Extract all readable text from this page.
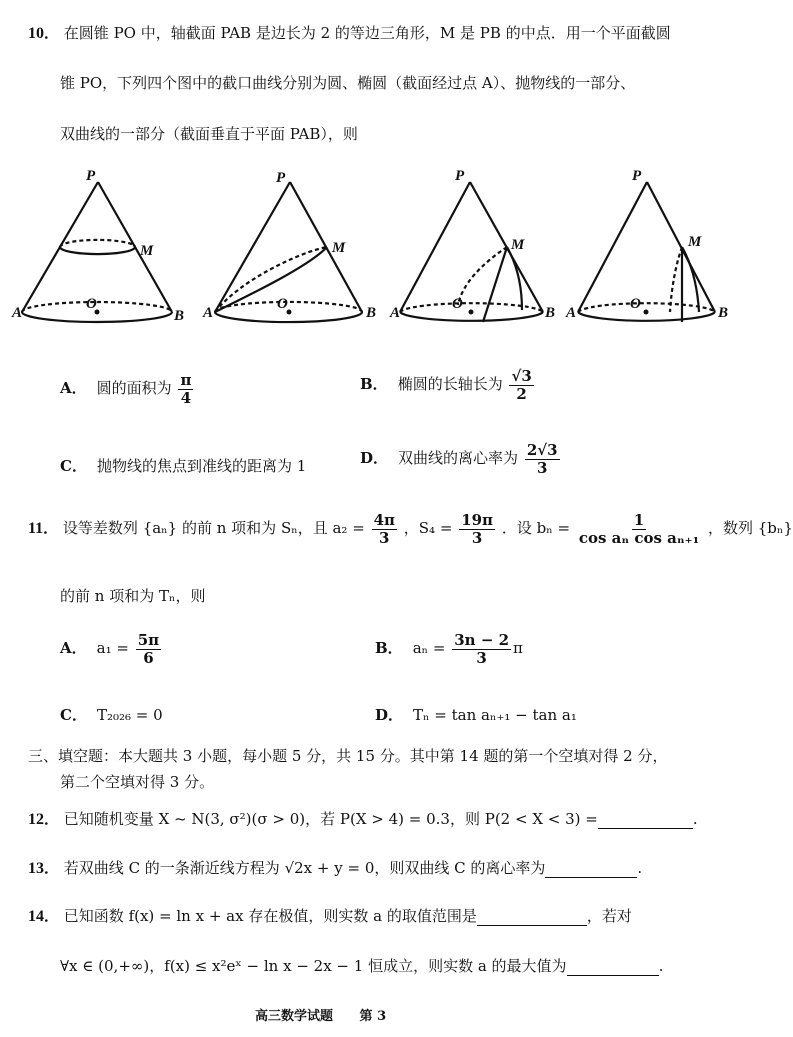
10． 在圆锥 PO 中，轴截面 PAB 是边长为 2 的等边三角形，M 是 PB 的中点．用一个平面截圆
锥 PO，下列四个图中的截口曲线分别为圆、椭圆（截面经过点 A）、抛物线的一部分、
双曲线的一部分（截面垂直于平面 PAB），则
P
M
A	B
O
P
M
A	B
O
P
M
A	B
O
P
M
A	B
O
A． 圆的面积为 $\frac{\pi}{4}$	B． 椭圆的长轴长为 $\frac{√3}{2}$
C． 抛物线的焦点到准线的距离为 1	D． 双曲线的离心率为 $\frac{2√3}{3}$
11． 设等差数列 {aₙ} 的前 n 项和为 Sₙ，且 $a_2 = \frac{4\pi}{3}$ ，$S_4 = \frac{19\pi}{3}$ ．设 $b_n = \frac{1}{\text{cos aₙ cos aₙ₊₁}}$ ，数列 {bₙ}
的前 n 项和为 Tₙ，则
A． $a_1 = \frac{5\pi}{6}$	B． $a_n = \frac{3n - 2}{3}$ π
C． T₂₀₂₆ = 0	D． Tₙ = tan aₙ₊₁ − tan a₁
三、填空题：本大题共 3 小题，每小题 5 分，共 15 分。其中第 14 题的第一个空填对得 2 分，
第二个空填对得 3 分。
12． 已知随机变量 X ~ N(3, σ²)(σ > 0)，若 P(X > 4) = 0.3，则 P(2 < X < 3) =	.
13． 若双曲线 C 的一条渐近线方程为 √2x + y = 0，则双曲线 C 的离心率为	.
14． 已知函数 f(x) = ln x + ax 存在极值，则实数 a 的取值范围是	，若对
∀x ∈ (0,+∞)，f(x) ≤ x²eˣ − ln x − 2x − 1 恒成立，则实数 a 的最大值为	.
高三数学试题 第 3
